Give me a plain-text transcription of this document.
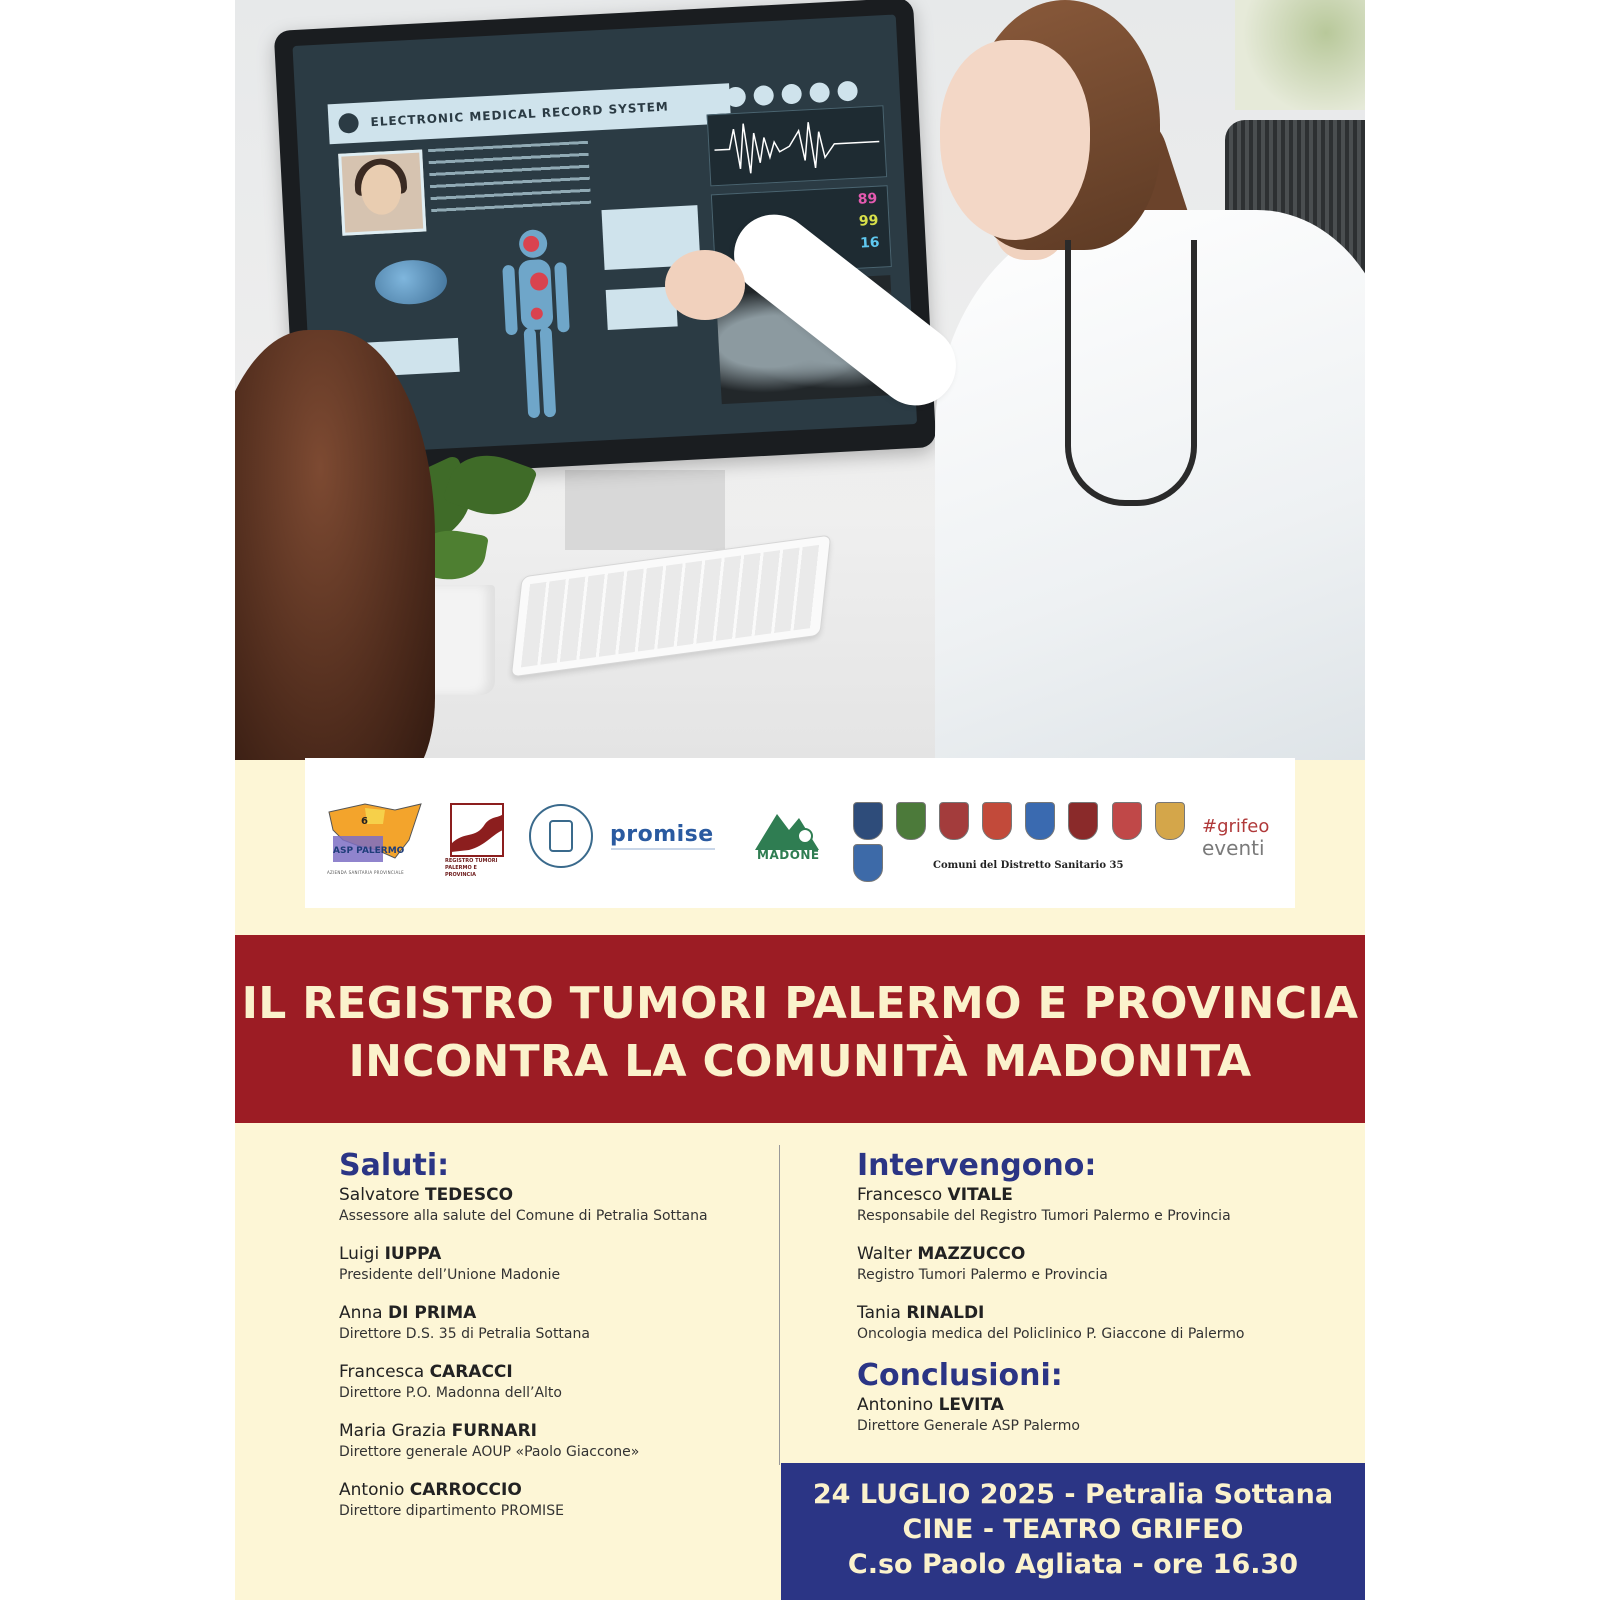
ELECTRONIC MEDICAL RECORD SYSTEM
89
99
16
6
ASP PALERMO
AZIENDA SANITARIA PROVINCIALE
REGISTRO TUMORI PALERMO E PROVINCIA
promise
MADONE

Comuni del Distretto Sanitario 35
#grifeo
eventi
IL REGISTRO TUMORI PALERMO E PROVINCIA
INCONTRA LA COMUNITÀ MADONITA
Saluti:
Salvatore TEDESCO
Assessore alla salute del Comune di Petralia Sottana
Luigi IUPPA
Presidente dell’Unione Madonie
Anna DI PRIMA
Direttore D.S. 35 di Petralia Sottana
Francesca CARACCI
Direttore P.O. Madonna dell’Alto
Maria Grazia FURNARI
Direttore generale AOUP «Paolo Giaccone»
Antonio CARROCCIO
Direttore dipartimento PROMISE
Intervengono:
Francesco VITALE
Responsabile del Registro Tumori Palermo e Provincia
Walter MAZZUCCO
Registro Tumori Palermo e Provincia
Tania RINALDI
Oncologia medica del Policlinico P. Giaccone di Palermo
Conclusioni:
Antonino LEVITA
Direttore Generale ASP Palermo
24 LUGLIO 2025 - Petralia Sottana
CINE - TEATRO GRIFEO
C.so Paolo Agliata - ore 16.30
